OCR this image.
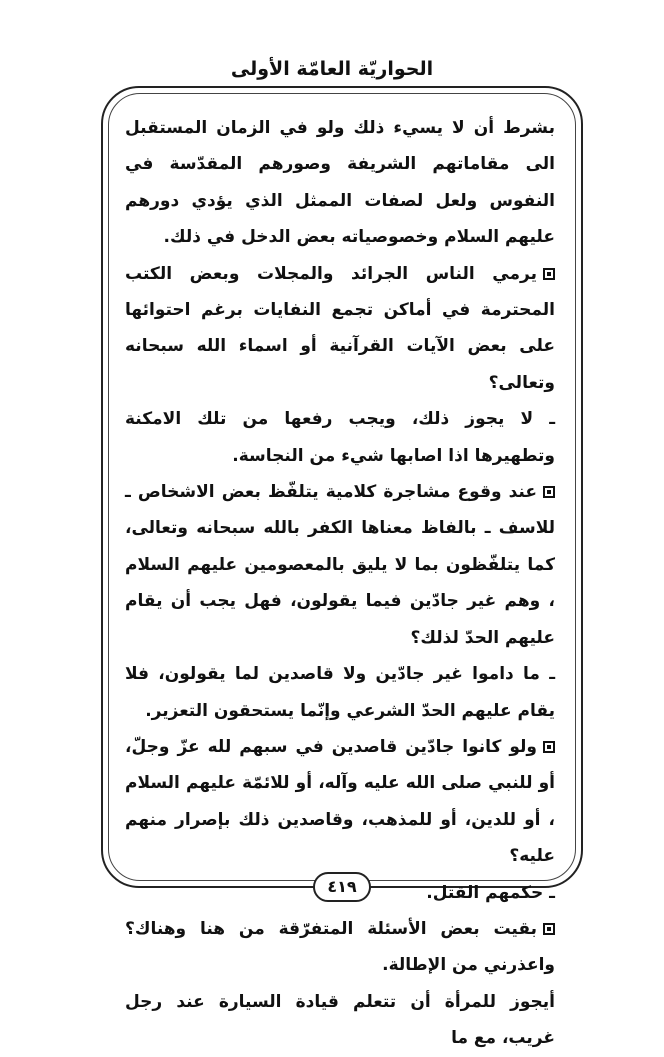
الحواريّة العامّة الأولى

بشرط أن لا يسيء ذلك ولو في الزمان المستقبل الى مقاماتهم الشريفة وصورهم المقدّسة في النفوس ولعل لصفات الممثل الذي يؤدي دورهم عليهم السلام وخصوصياته بعض الدخل في ذلك.

يرمي الناس الجرائد والمجلات وبعض الكتب المحترمة في أماكن تجمع النفايات برغم احتوائها على بعض الآيات القرآنية أو اسماء الله سبحانه وتعالى؟

ـ لا يجوز ذلك، ويجب رفعها من تلك الامكنة وتطهيرها اذا اصابها شيء من النجاسة.

عند وقوع مشاجرة كلامية يتلفّظ بعض الاشخاص ـ للاسف ـ بالفاظ معناها الكفر بالله سبحانه وتعالى، كما يتلفّظون بما لا يليق بالمعصومين عليهم السلام ، وهم غير جادّين فيما يقولون، فهل يجب أن يقام عليهم الحدّ لذلك؟

ـ ما داموا غير جادّين ولا قاصدين لما يقولون، فلا يقام عليهم الحدّ الشرعي وإنّما يستحقون التعزير.

ولو كانوا جادّين قاصدين في سبهم لله عزّ وجلّ، أو للنبي صلى الله عليه وآله، أو للائمّة عليهم السلام ، أو للدين، أو للمذهب، وقاصدين ذلك بإصرار منهم عليه؟

ـ حكمهم القتل.

بقيت بعض الأسئلة المتفرّقة من هنا وهناك؟ واعذرني من الإطالة.

أيجوز للمرأة أن تتعلم قيادة السيارة عند رجل غريب، مع ما

٤١٩
